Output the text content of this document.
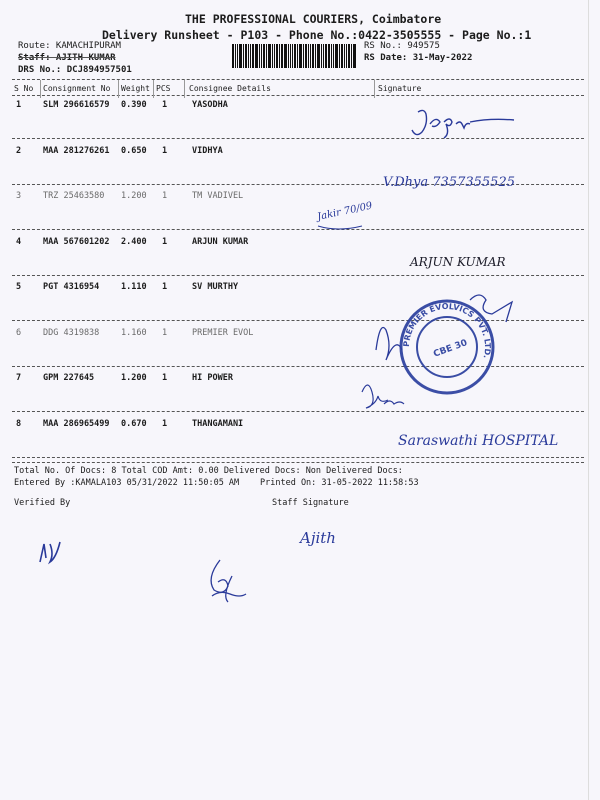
THE PROFESSIONAL COURIERS, Coimbatore
Delivery Runsheet - P103 - Phone No.:0422-3505555 - Page No.:1
Route: KAMACHIPURAM
Staff: AJITH KUMAR
DRS No.: DCJ894957501
RS No.: 949575
RS Date: 31-May-2022
S No Consignment No Weight PCS Consignee Details	Signature
1	SLM 296616579 0.390 1	YASODHA
2	MAA 281276261 0.650 1	VIDHYA
3	TRZ 25463580 1.200 1	TM VADIVEL
4	MAA 567601202 2.400 1	ARJUN KUMAR
5	PGT 4316954	1.110 1	SV MURTHY
6	DDG 4319838	1.160 1	PREMIER EVOL
7	GPM 227645	1.200 1	HI POWER
8	MAA 286965499 0.670 1	THANGAMANI
Jega
V.Dhya 7357355525
Jakir 70/09
ARJUN KUMAR
PREMIER EVOLVICS PVT. LTD.
CBE 30
Saraswathi HOSPITAL
Ajith
Total No. Of Docs: 8 Total COD Amt: 0.00 Delivered Docs: Non Delivered Docs:
Entered By :KAMALA103 05/31/2022 11:50:05 AM Printed On: 31-05-2022 11:58:53
Verified By	Staff Signature
